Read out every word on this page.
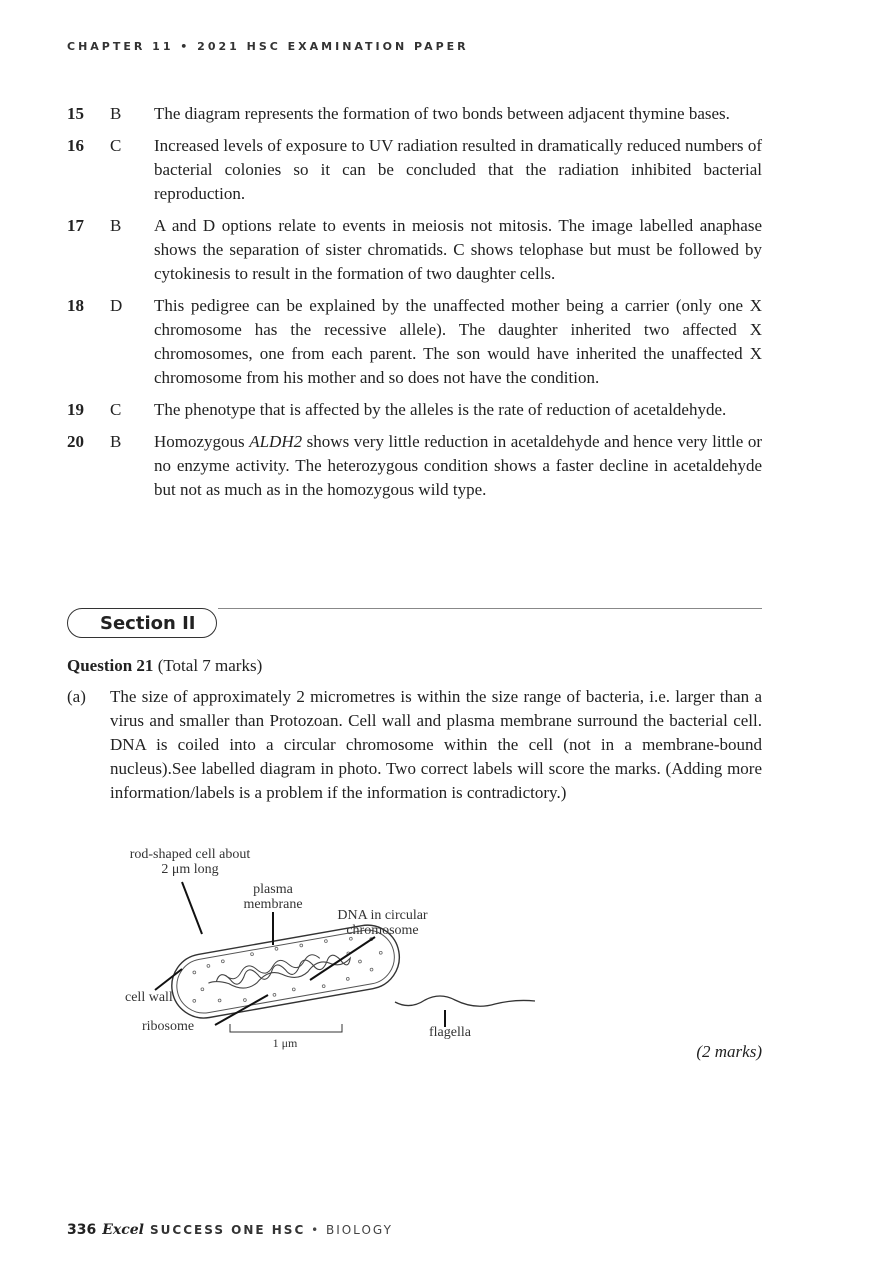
CHAPTER 11 • 2021 HSC EXAMINATION PAPER
15	B	The diagram represents the formation of two bonds between adjacent thymine bases.
16	C	Increased levels of exposure to UV radiation resulted in dramatically reduced numbers of bacterial colonies so it can be concluded that the radiation inhibited bacterial reproduction.
17	B	A and D options relate to events in meiosis not mitosis. The image labelled anaphase shows the separation of sister chromatids. C shows telophase but must be followed by cytokinesis to result in the formation of two daughter cells.
18	D	This pedigree can be explained by the unaffected mother being a carrier (only one X chromosome has the recessive allele). The daughter inherited two affected X chromosomes, one from each parent. The son would have inherited the unaffected X chromosome from his mother and so does not have the condition.
19	C	The phenotype that is affected by the alleles is the rate of reduction of acetaldehyde.
20	B	Homozygous ALDH2 shows very little reduction in acetaldehyde and hence very little or no enzyme activity. The heterozygous condition shows a faster decline in acetaldehyde but not as much as in the homozygous wild type.
Section II
Question 21 (Total 7 marks)
(a)	The size of approximately 2 micrometres is within the size range of bacteria, i.e. larger than a virus and smaller than Protozoan. Cell wall and plasma membrane surround the bacterial cell. DNA is coiled into a circular chromosome within the cell (not in a membrane-bound nucleus).See labelled diagram in photo. Two correct labels will score the marks. (Adding more information/labels is a problem if the information is contradictory.)
rod-shaped cell about 2 μm long
plasma membrane
DNA in circular chromosome
cell wall
ribosome	flagella
1 μm	(2 marks)
336 Excel SUCCESS ONE HSC • BIOLOGY
